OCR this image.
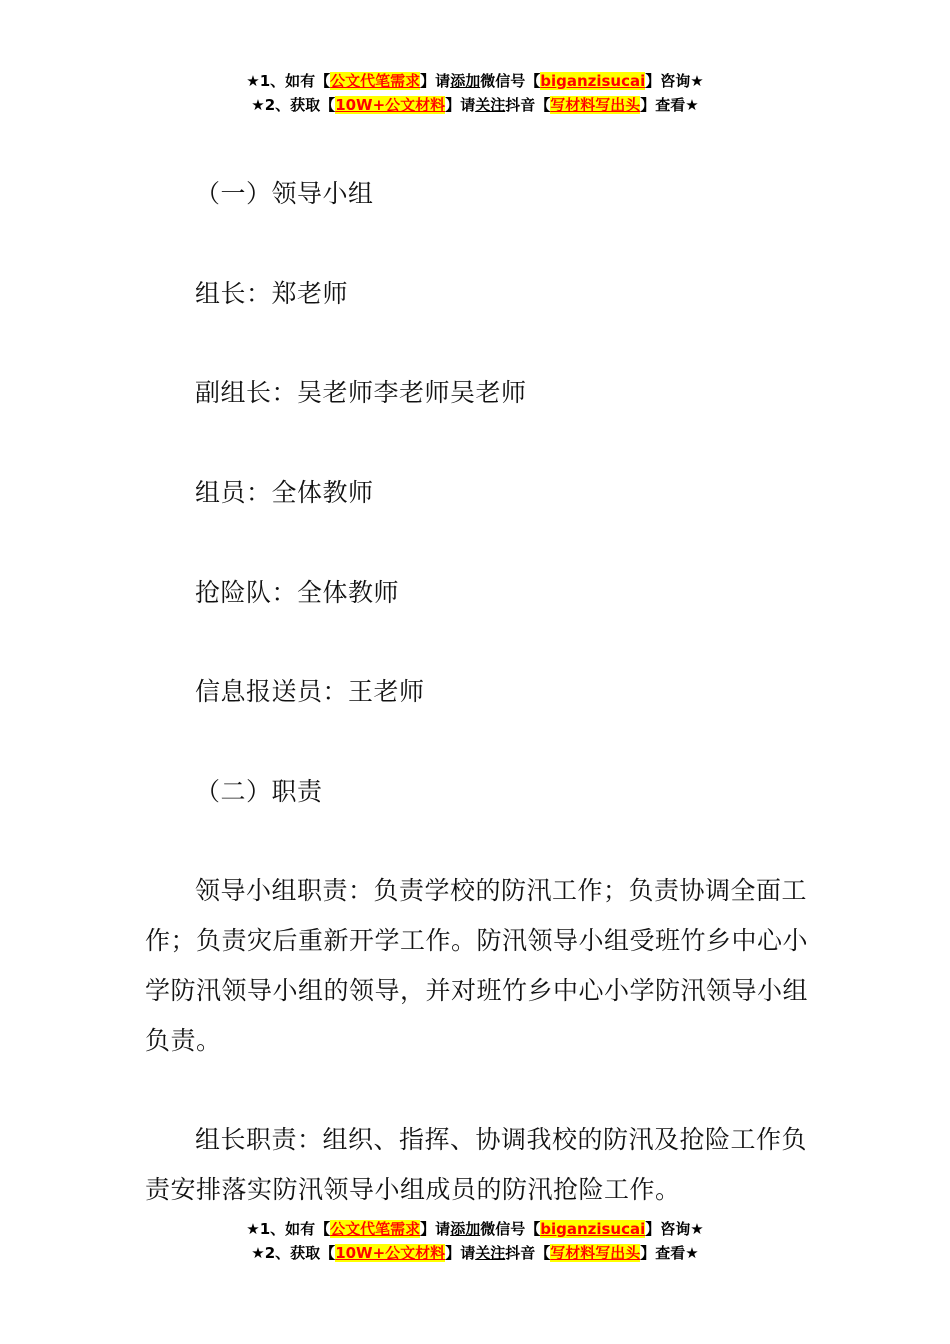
★1、如有【公文代笔需求】请添加微信号【biganzisucai】咨询★
★2、获取【10W+公文材料】请关注抖音【写材料写出头】查看★

（一）领导小组

组长：郑老师

副组长：吴老师李老师吴老师

组员：全体教师

抢险队：全体教师

信息报送员：王老师

（二）职责

领导小组职责：负责学校的防汛工作；负责协调全面工作；负责灾后重新开学工作。防汛领导小组受班竹乡中心小学防汛领导小组的领导，并对班竹乡中心小学防汛领导小组负责。

组长职责：组织、指挥、协调我校的防汛及抢险工作负责安排落实防汛领导小组成员的防汛抢险工作。

★1、如有【公文代笔需求】请添加微信号【biganzisucai】咨询★
★2、获取【10W+公文材料】请关注抖音【写材料写出头】查看★
